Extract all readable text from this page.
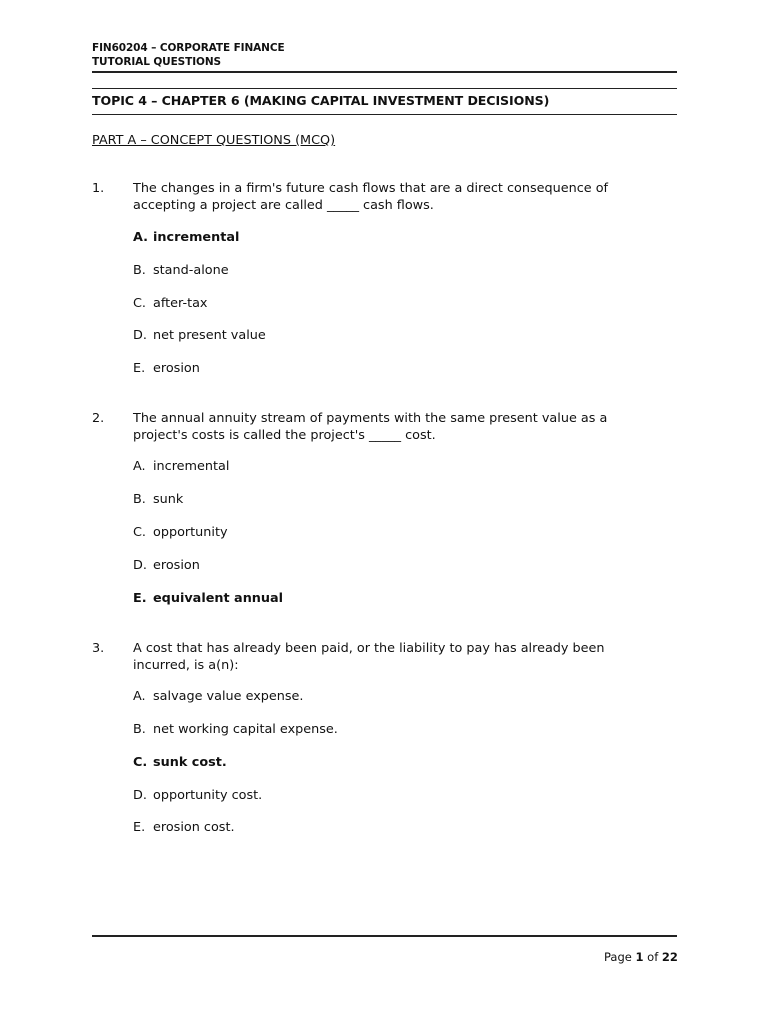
FIN60204 – CORPORATE FINANCE
TUTORIAL QUESTIONS
TOPIC 4 – CHAPTER 6 (MAKING CAPITAL INVESTMENT DECISIONS)
PART A – CONCEPT QUESTIONS (MCQ)
1. The changes in a firm's future cash flows that are a direct consequence of accepting a project are called _____ cash flows.
A. incremental
B. stand-alone
C. after-tax
D. net present value
E. erosion
2. The annual annuity stream of payments with the same present value as a project's costs is called the project's _____ cost.
A. incremental
B. sunk
C. opportunity
D. erosion
E. equivalent annual
3. A cost that has already been paid, or the liability to pay has already been incurred, is a(n):
A. salvage value expense.
B. net working capital expense.
C. sunk cost.
D. opportunity cost.
E. erosion cost.
Page 1 of 22
